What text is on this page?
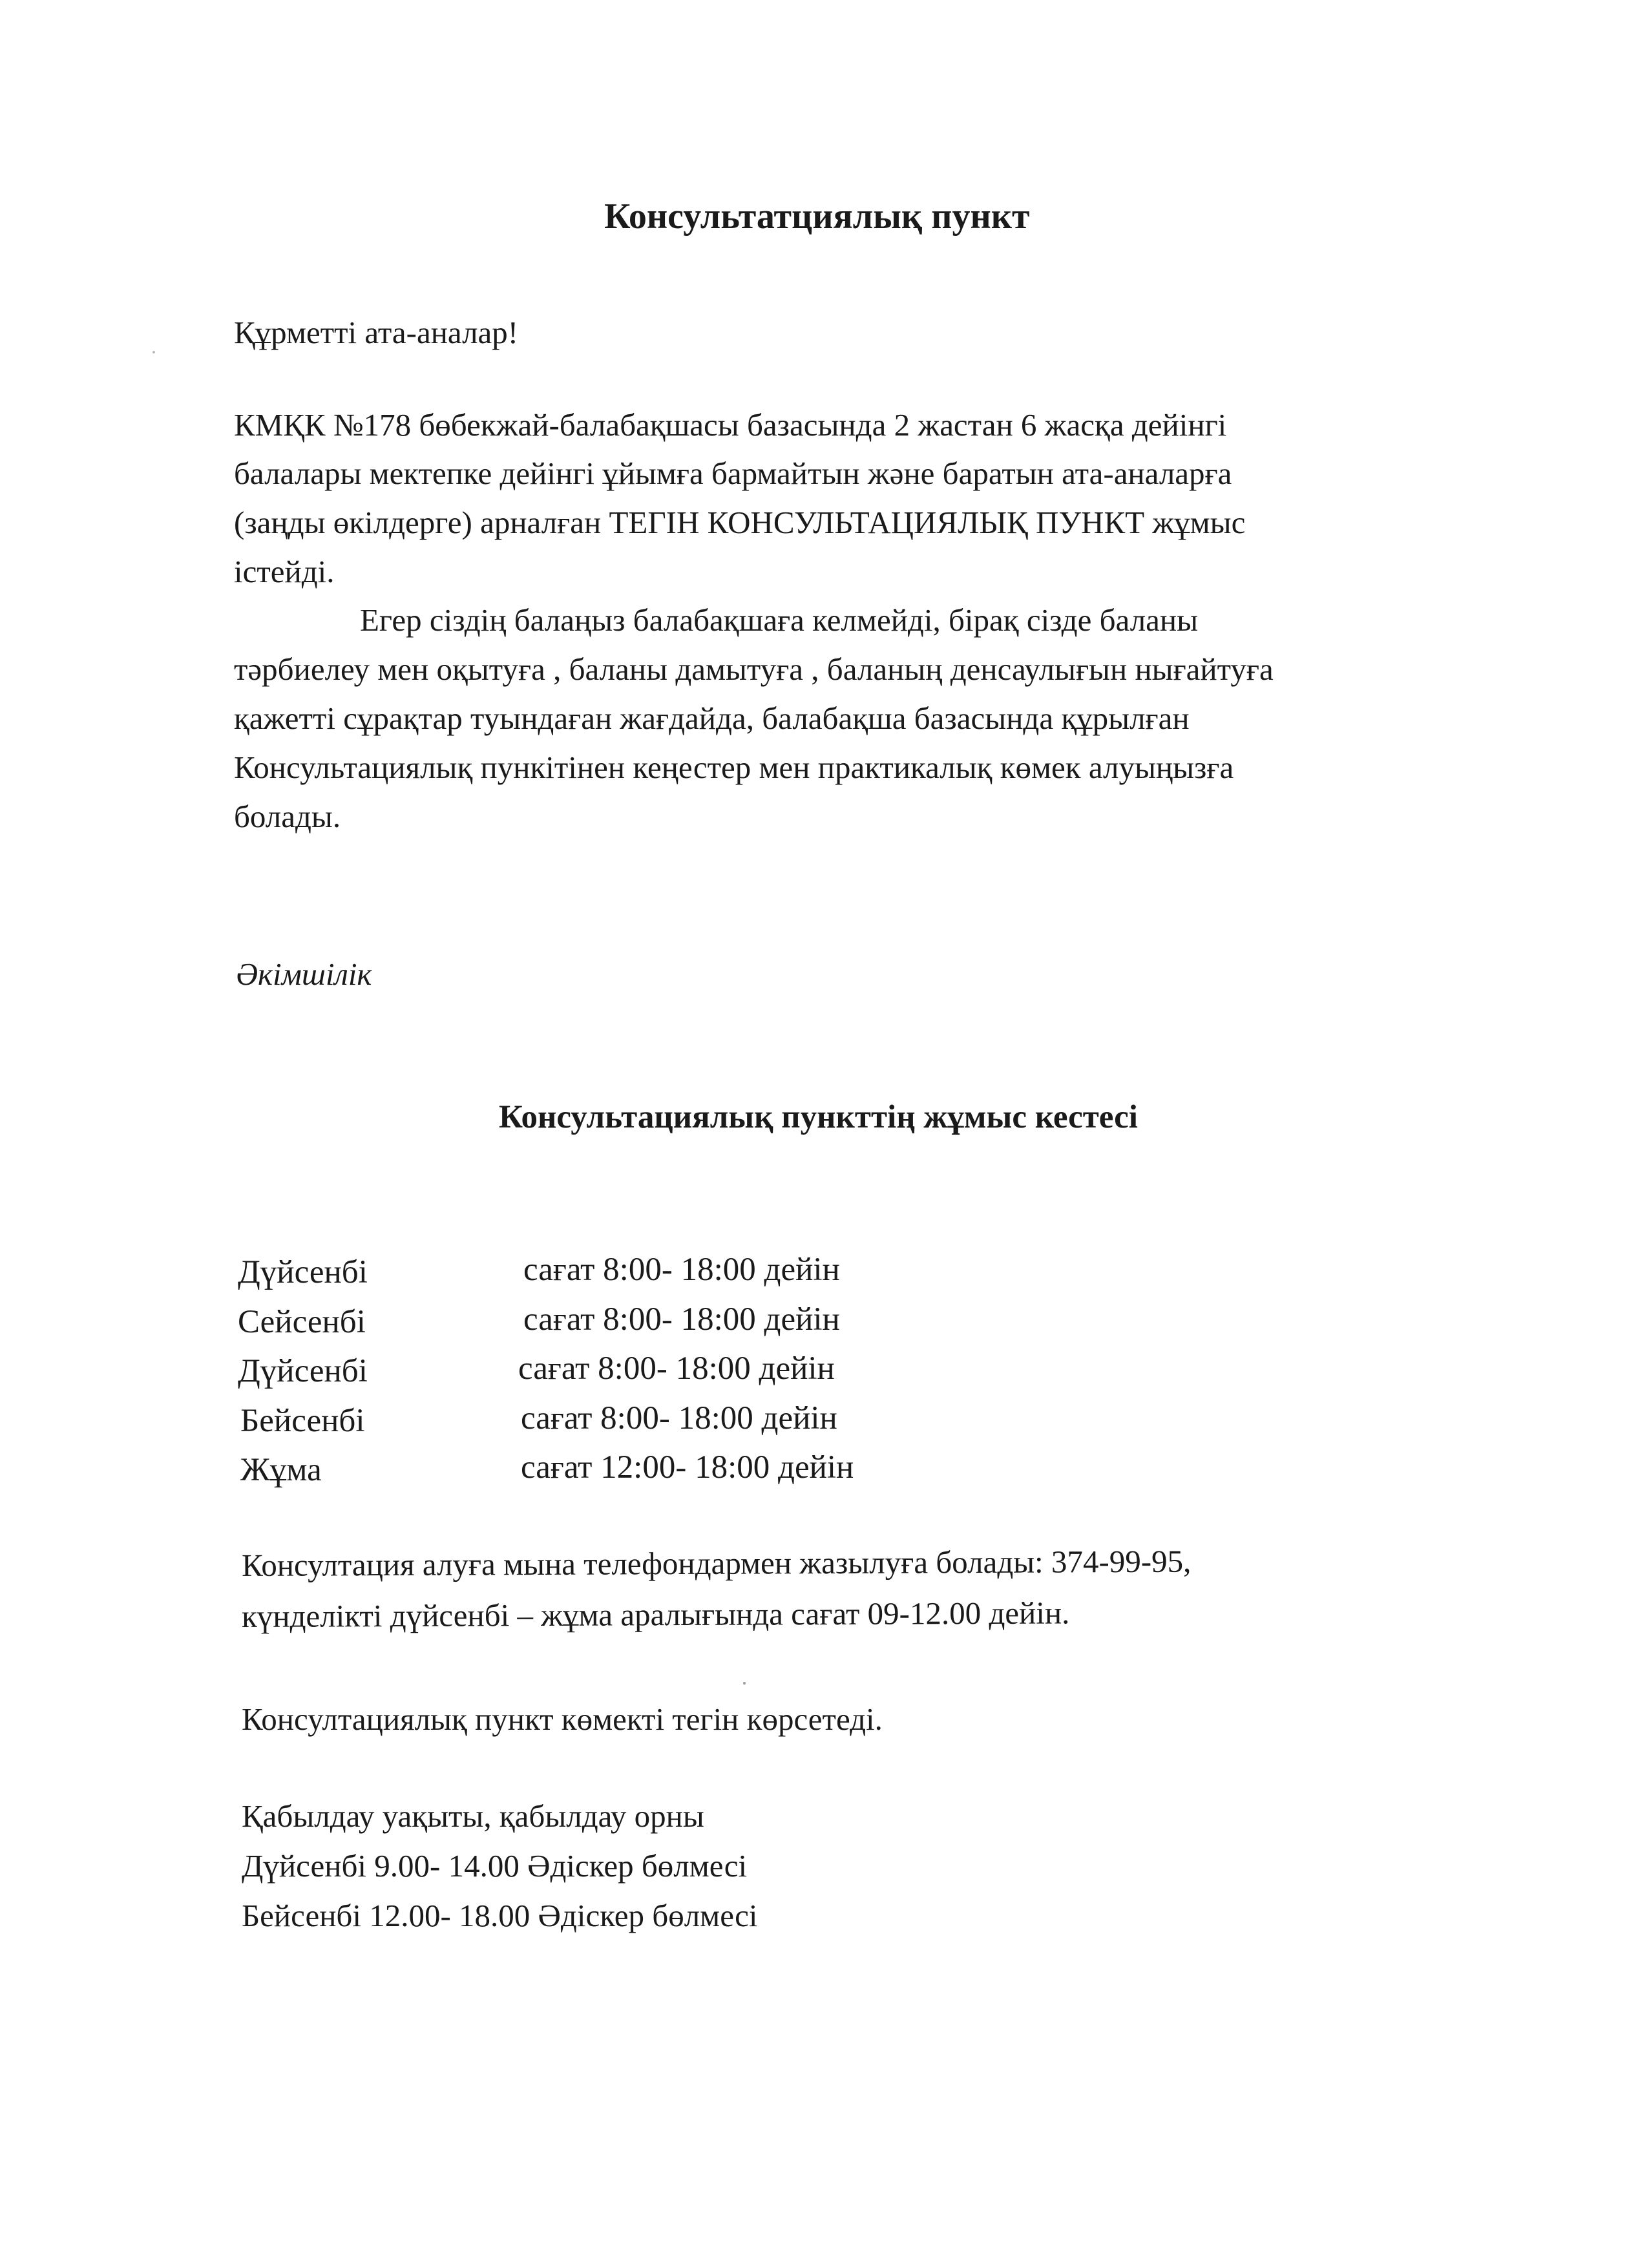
Консультатциялық пункт
Құрметті ата-аналар!
КМҚК №178 бөбекжай-балабақшасы базасында 2 жастан 6 жасқа дейінгі
балалары мектепке дейінгі ұйымға бармайтын және баратын ата-аналарға
(заңды өкілдерге) арналған ТЕГІН КОНСУЛЬТАЦИЯЛЫҚ ПУНКТ жұмыс
істейді.
Егер сіздің балаңыз балабақшаға келмейді, бірақ сізде баланы
тәрбиелеу мен оқытуға , баланы дамытуға , баланың денсаулығын нығайтуға
қажетті сұрақтар туындаған жағдайда, балабақша базасында құрылған
Консультациялық пункітінен кеңестер мен практикалық көмек алуыңызға
болады.
Әкімшілік
Консультациялық пункттің жұмыс кестесі
Дүйсенбі	сағат 8:00- 18:00 дейін
Сейсенбі	сағат 8:00- 18:00 дейін
Дүйсенбі	сағат 8:00- 18:00 дейін
Бейсенбі	сағат 8:00- 18:00 дейін
Жұма	сағат 12:00- 18:00 дейін
Консултация алуға мына телефондармен жазылуға болады: 374-99-95,
күнделікті дүйсенбі – жұма аралығында сағат 09-12.00 дейін.
Консултациялық пункт көмекті тегін көрсетеді.
Қабылдау уақыты, қабылдау орны
Дүйсенбі 9.00- 14.00 Әдіскер бөлмесі
Бейсенбі 12.00- 18.00 Әдіскер бөлмесі
